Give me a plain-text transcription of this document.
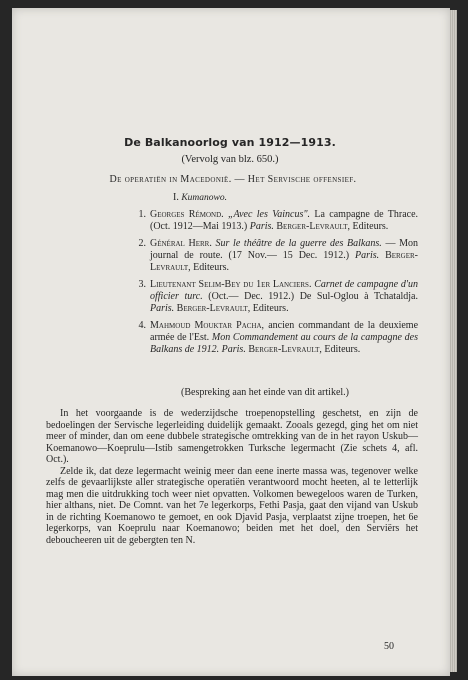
De Balkanoorlog van 1912—1913.
(Vervolg van blz. 650.)
De operatiën in Macedonië. — Het Servische offensief.
I. Kumanowo.
1. Georges Rémond. „Avec les Vaincus". La campagne de Thrace. (Oct. 1912—Mai 1913.) Paris. Berger-Levrault, Editeurs.
2. Général Herr. Sur le théâtre de la guerre des Balkans. — Mon journal de route. (17 Nov.— 15 Dec. 1912.) Paris. Berger-Levrault, Editeurs.
3. Lieutenant Selim-Bey du 1er Lanciers. Carnet de campagne d'un officier turc. (Oct.— Dec. 1912.) De Sul-Oglou à Tchataldja. Paris. Berger-Levrault, Editeurs.
4. Mahmoud Mouktar Pacha, ancien commandant de la deuxieme armée de l'Est. Mon Commandement au cours de la campagne des Balkans de 1912. Paris. Berger-Levrault, Editeurs.
(Bespreking aan het einde van dit artikel.)

In het voorgaande is de wederzijdsche troepenopstelling geschetst, en zijn de bedoelingen der Servische legerleiding duidelijk gemaakt. Zooals gezegd, ging het om niet meer of minder, dan om eene dubbele strategische omtrekking van de in het rayon Uskub—Koemanowo—Koeprulu—Istib samengetrokken Turksche legermacht (Zie schets 4, afl. Oct.).

Zelde ik, dat deze legermacht weinig meer dan eene inerte massa was, tegenover welke zelfs de gevaarlijkste aller strategische operatiën verantwoord mocht heeten, al te letterlijk mag men die uitdrukking toch weer niet opvatten. Volkomen bewegeloos waren de Turken, hier althans, niet. De Comnt. van het 7e legerkorps, Fethi Pasja, gaat den vijand van Uskub in de richting Koemanowo te gemoet, en ook Djavid Pasja, verplaatst zijne troepen, het 6e legerkorps, van Koeprulu naar Koemanowo; beiden met het doel, den Serviërs het deboucheeren uit de gebergten ten N.

50
